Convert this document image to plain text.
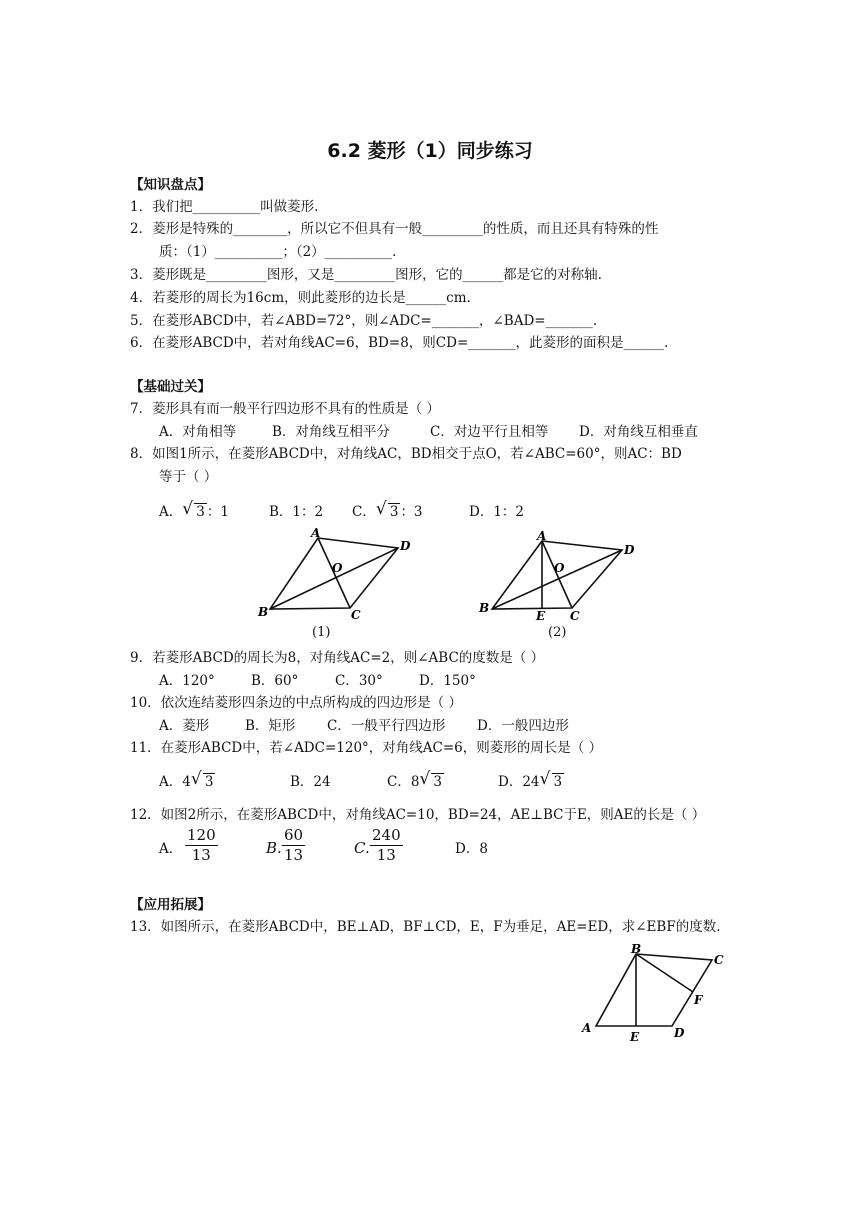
6.2 菱形（1）同步练习
【知识盘点】
1．我们把__________叫做菱形.
2．菱形是特殊的________，所以它不但具有一般_________的性质，而且还具有特殊的性
质：（1）__________；（2）__________.
3．菱形既是_________图形，又是_________图形，它的______都是它的对称轴.
4．若菱形的周长为16cm，则此菱形的边长是______cm.
5．在菱形ABCD中，若∠ABD=72°，则∠ADC=_______，∠BAD=_______.
6．在菱形ABCD中，若对角线AC=6，BD=8，则CD=_______，此菱形的面积是______.
【基础过关】
7．菱形具有而一般平行四边形不具有的性质是（ ）
A．对角相等	B．对角线互相平分	C．对边平行且相等 D．对角线互相垂直
8．如图1所示，在菱形ABCD中，对角线AC，BD相交于点O，若∠ABC=60°，则AC：BD
等于（ ）
A． √ 3 ：1	B．1：2 C． √ 3 ：3	D．1：2
A
B	C
D
O
(1)
A
B
C
D
O
E
(2)
9．若菱形ABCD的周长为8，对角线AC=2，则∠ABC的度数是（ ）
A．120°	B．60°	C．30°	D．150°
10．依次连结菱形四条边的中点所构成的四边形是（ ）
A．菱形	B．矩形 C．一般平行四边形 D．一般四边形
11．在菱形ABCD中，若∠ADC=120°，对角线AC=6，则菱形的周长是（ ）
A．4 √ 3	B．24	C．8 √ 3	D．24 √ 3
12．如图2所示，在菱形ABCD中，对角线AC=10，BD=24，AE⊥BC于E，则AE的长是（ ）
A． $\frac{120}{13}$	B. $\frac{60}{13}$	C. $\frac{240}{13}$	D．8
【应用拓展】
13．如图所示，在菱形ABCD中，BE⊥AD，BF⊥CD，E，F为垂足，AE=ED，求∠EBF的度数.
B
C
F
A	D
E
